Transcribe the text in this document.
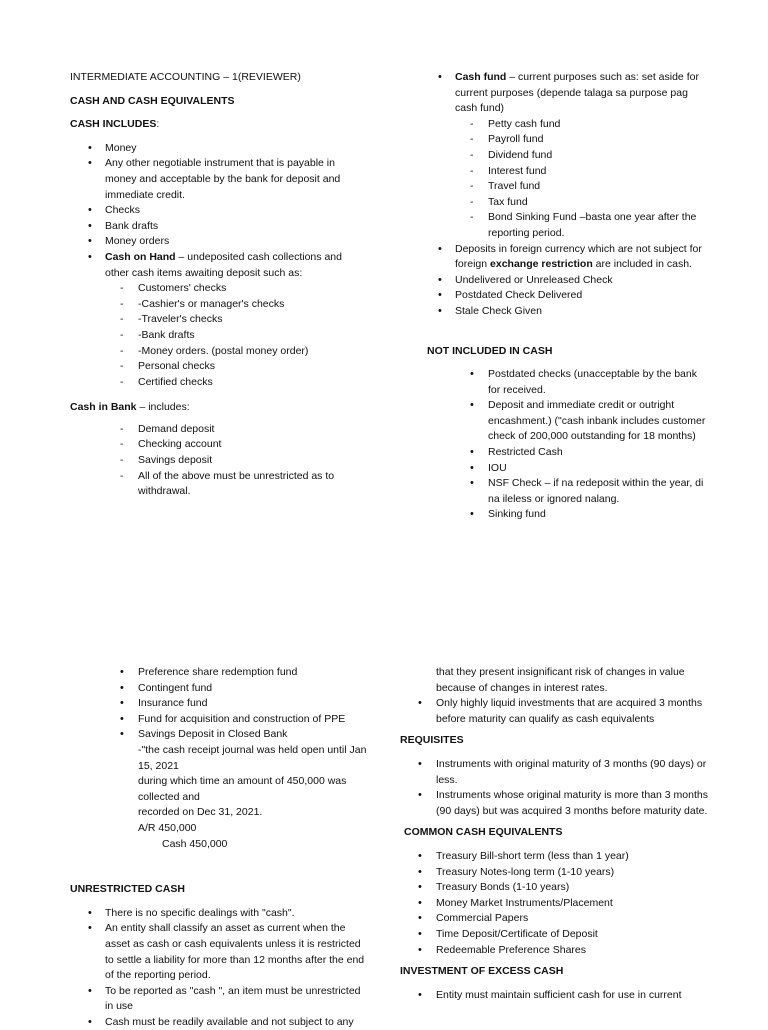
INTERMEDIATE ACCOUNTING – 1(REVIEWER)

CASH AND CASH EQUIVALENTS

CASH INCLUDES:

• Money
• Any other negotiable instrument that is payable in money and acceptable by the bank for deposit and immediate credit.
• Checks
• Bank drafts
• Money orders
• Cash on Hand – undeposited cash collections and other cash items awaiting deposit such as:
- Customers' checks
- -Cashier's or manager's checks
- -Traveler's checks
- -Bank drafts
- -Money orders. (postal money order)
- Personal checks
- Certified checks

Cash in Bank – includes:

- Demand deposit
- Checking account
- Savings deposit
- All of the above must be unrestricted as to withdrawal.
• Cash fund – current purposes such as: set aside for current purposes (depende talaga sa purpose pag cash fund)
- Petty cash fund
- Payroll fund
- Dividend fund
- Interest fund
- Travel fund
- Tax fund
- Bond Sinking Fund –basta one year after the reporting period.
• Deposits in foreign currency which are not subject for foreign exchange restriction are included in cash.
• Undelivered or Unreleased Check
• Postdated Check Delivered
• Stale Check Given

NOT INCLUDED IN CASH

• Postdated checks (unacceptable by the bank for received.
• Deposit and immediate credit or outright encashment.) ("cash inbank includes customer check of 200,000 outstanding for 18 months)
• Restricted Cash
• IOU
• NSF Check – if na redeposit within the year, di na ileless or ignored nalang.
• Sinking fund
• Preference share redemption fund
• Contingent fund
• Insurance fund
• Fund for acquisition and construction of PPE
• Savings Deposit in Closed Bank

-"the cash receipt journal was held open until Jan 15, 2021

during which time an amount of 450,000 was collected and

recorded on Dec 31, 2021.

A/R 450,000

Cash 450,000

UNRESTRICTED CASH

• There is no specific dealings with "cash".
• An entity shall classify an asset as current when the asset as cash or cash equivalents unless it is restricted to settle a liability for more than 12 months after the end of the reporting period.
• To be reported as "cash ", an item must be unrestricted in use
• Cash must be readily available and not subject to any

that they present insignificant risk of changes in value because of changes in interest rates.

• Only highly liquid investments that are acquired 3 months before maturity can qualify as cash equivalents

REQUISITES

• Instruments with original maturity of 3 months (90 days) or less.
• Instruments whose original maturity is more than 3 months (90 days) but was acquired 3 months before maturity date.

COMMON CASH EQUIVALENTS

• Treasury Bill-short term (less than 1 year)
• Treasury Notes-long term (1-10 years)
• Treasury Bonds (1-10 years)
• Money Market Instruments/Placement
• Commercial Papers
• Time Deposit/Certificate of Deposit
• Redeemable Preference Shares

INVESTMENT OF EXCESS CASH

• Entity must maintain sufficient cash for use in current
